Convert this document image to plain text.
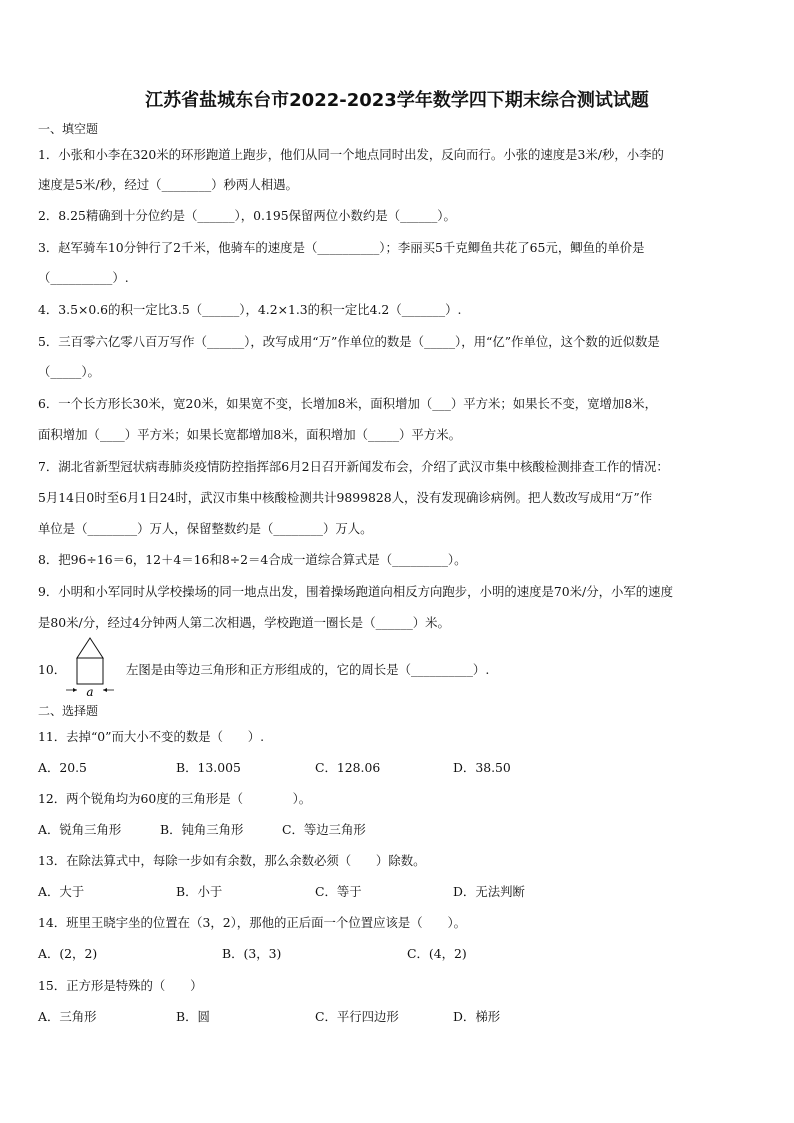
江苏省盐城东台市2022-2023学年数学四下期末综合测试试题
一、填空题
1．小张和小李在320米的环形跑道上跑步，他们从同一个地点同时出发，反向而行。小张的速度是3米/秒，小李的
速度是5米/秒，经过（________）秒两人相遇。
2．8.25精确到十分位约是（______），0.195保留两位小数约是（______）。
3．赵军骑车10分钟行了2千米，他骑车的速度是（__________）；李丽买5千克鲫鱼共花了65元，鲫鱼的单价是
（__________）.
4．3.5×0.6的积一定比3.5（______），4.2×1.3的积一定比4.2（_______）.
5．三百零六亿零八百万写作（______），改写成用“万”作单位的数是（_____），用“亿”作单位，这个数的近似数是
（_____）。
6．一个长方形长30米，宽20米，如果宽不变，长增加8米，面积增加（___）平方米；如果长不变，宽增加8米，
面积增加（____）平方米；如果长宽都增加8米，面积增加（_____）平方米。
7．湖北省新型冠状病毒肺炎疫情防控指挥部6月2日召开新闻发布会，介绍了武汉市集中核酸检测排查工作的情况：
5月14日0时至6月1日24时，武汉市集中核酸检测共计9899828人，没有发现确诊病例。把人数改写成用“万”作
单位是（________）万人，保留整数约是（________）万人。
8．把96÷16＝6，12＋4＝16和8÷2＝4合成一道综合算式是（_________）。
9．小明和小军同时从学校操场的同一地点出发，围着操场跑道向相反方向跑步，小明的速度是70米/分，小军的速度
是80米/分，经过4分钟两人第二次相遇，学校跑道一圈长是（______）米。
10．
a
左图是由等边三角形和正方形组成的，它的周长是（__________）.
二、选择题
11．去掉“0”而大小不变的数是（　　）.
A．20.5	B．13.005	C．128.06	D．38.50
12．两个锐角均为60度的三角形是（　　　　）。
A．锐角三角形	B．钝角三角形	C．等边三角形
13．在除法算式中，每除一步如有余数，那么余数必须（　　）除数。
A．大于	B．小于	C．等于	D．无法判断
14．班里王晓宇坐的位置在（3，2），那他的正后面一个位置应该是（　　）。
A．(2，2)	B．(3，3)	C．(4，2)
15．正方形是特殊的（　　）
A．三角形	B．圆	C．平行四边形	D．梯形
